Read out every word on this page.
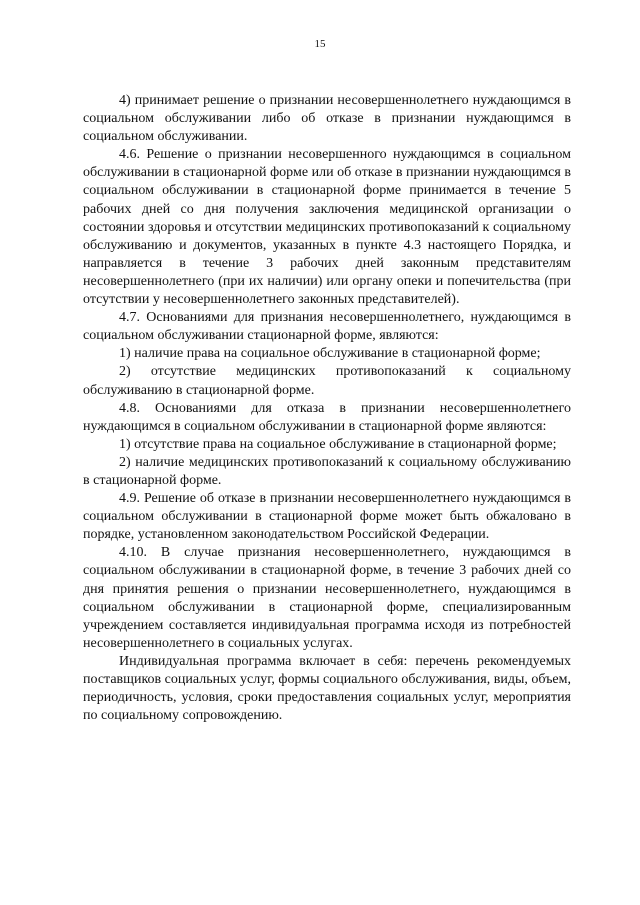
15

4) принимает решение о признании несовершеннолетнего нуждающимся в социальном обслуживании либо об отказе в признании нуждающимся в социальном обслуживании.

4.6. Решение о признании несовершенного нуждающимся в социальном обслуживании в стационарной форме или об отказе в признании нуждающимся в социальном обслуживании в стационарной форме принимается в течение 5 рабочих дней со дня получения заключения медицинской организации о состоянии здоровья и отсутствии медицинских противопоказаний к социальному обслуживанию и документов, указанных в пункте 4.3 настоящего Порядка, и направляется в течение 3 рабочих дней законным представителям несовершеннолетнего (при их наличии) или органу опеки и попечительства (при отсутствии у несовершеннолетнего законных представителей).

4.7. Основаниями для признания несовершеннолетнего, нуждающимся в социальном обслуживании стационарной форме, являются:

1) наличие права на социальное обслуживание в стационарной форме;

2) отсутствие медицинских противопоказаний к социальному обслуживанию в стационарной форме.

4.8. Основаниями для отказа в признании несовершеннолетнего нуждающимся в социальном обслуживании в стационарной форме являются:

1) отсутствие права на социальное обслуживание в стационарной форме;

2) наличие медицинских противопоказаний к социальному обслуживанию в стационарной форме.

4.9. Решение об отказе в признании несовершеннолетнего нуждающимся в социальном обслуживании в стационарной форме может быть обжаловано в порядке, установленном законодательством Российской Федерации.

4.10. В случае признания несовершеннолетнего, нуждающимся в социальном обслуживании в стационарной форме, в течение 3 рабочих дней со дня принятия решения о признании несовершеннолетнего, нуждающимся в социальном обслуживании в стационарной форме, специализированным учреждением составляется индивидуальная программа исходя из потребностей несовершеннолетнего в социальных услугах.

Индивидуальная программа включает в себя: перечень рекомендуемых поставщиков социальных услуг, формы социального обслуживания, виды, объем, периодичность, условия, сроки предоставления социальных услуг, мероприятия по социальному сопровождению.
